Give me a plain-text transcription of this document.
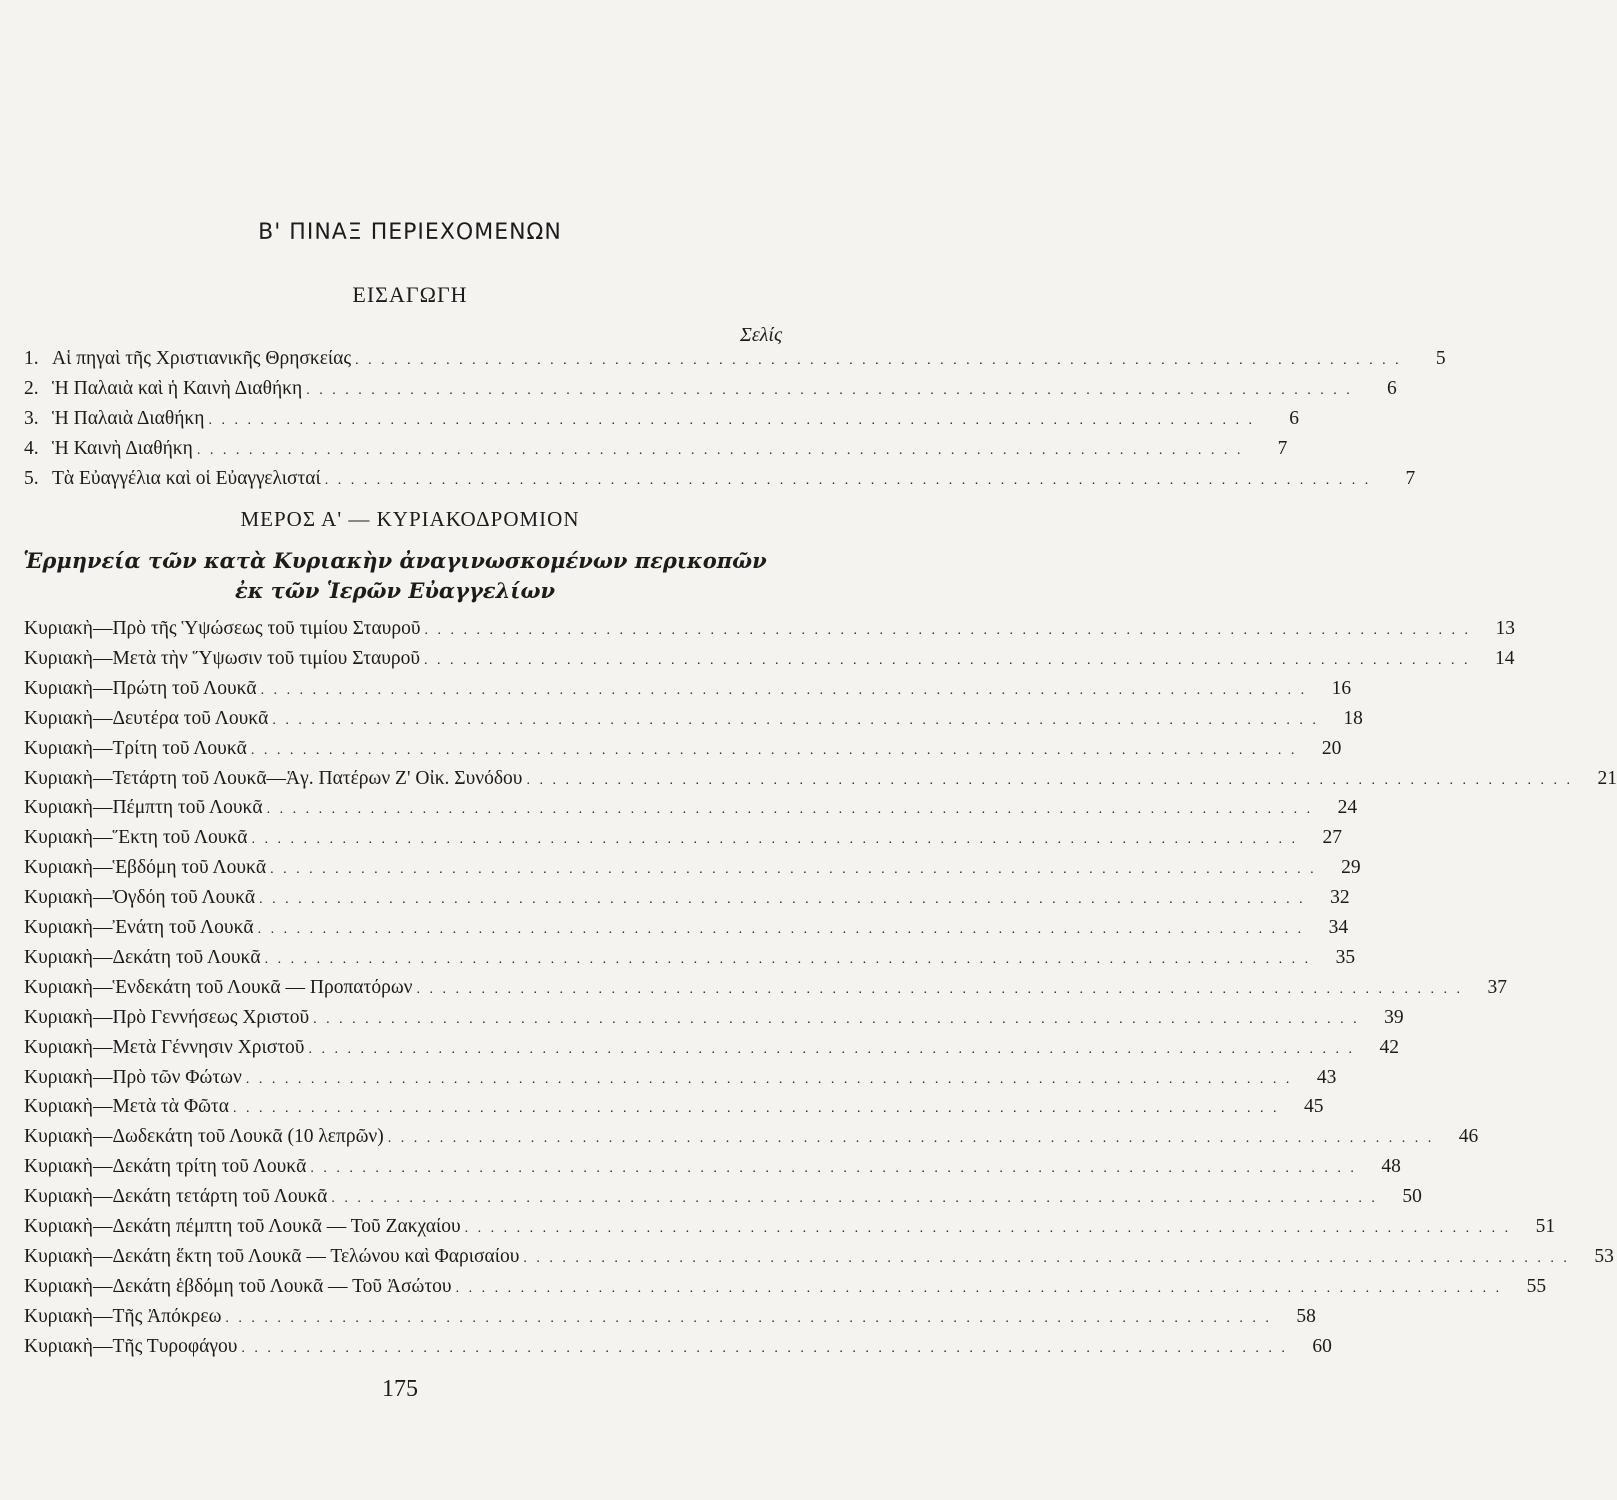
Β' ΠΙΝΑΞ ΠΕΡΙΕΧΟΜΕΝΩΝ
ΕΙΣΑΓΩΓΗ
Σελίς
1. Αἱ πηγαὶ τῆς Χριστιανικῆς Θρησκείας . . . . . . . . . . . . . . . . . . . . . . . . . . . . . . . . . . . . . . . . . . . . . . . . . . . . . . . . . . . . . . . . . . . . . . . . . . . . . . . . .	5
2. Ἡ Παλαιὰ καὶ ἡ Καινὴ Διαθήκη . . . . . . . . . . . . . . . . . . . . . . . . . . . . . . . . . . . . . . . . . . . . . . . . . . . . . . . . . . . . . . . . . . . . . . . . . . . . . . . . .	6
3. Ἡ Παλαιὰ Διαθήκη . . . . . . . . . . . . . . . . . . . . . . . . . . . . . . . . . . . . . . . . . . . . . . . . . . . . . . . . . . . . . . . . . . . . . . . . . . . . . . . . .	6
4. Ἡ Καινὴ Διαθήκη . . . . . . . . . . . . . . . . . . . . . . . . . . . . . . . . . . . . . . . . . . . . . . . . . . . . . . . . . . . . . . . . . . . . . . . . . . . . . . . . .	7
5. Τὰ Εὐαγγέλια καὶ οἱ Εὐαγγελισταί . . . . . . . . . . . . . . . . . . . . . . . . . . . . . . . . . . . . . . . . . . . . . . . . . . . . . . . . . . . . . . . . . . . . . . . . . . . . . . . . .	7
ΜΕΡΟΣ Α' — ΚΥΡΙΑΚΟΔΡΟΜΙΟΝ
Ἑρμηνεία τῶν κατὰ Κυριακὴν ἀναγινωσκομένων περικοπῶν
ἐκ τῶν Ἱερῶν Εὐαγγελίων
Κυριακὴ—Πρὸ τῆς Ὑψώσεως τοῦ τιμίου Σταυροῦ . . . . . . . . . . . . . . . . . . . . . . . . . . . . . . . . . . . . . . . . . . . . . . . . . . . . . . . . . . . . . . . . . . . . . . . . . . . . . . . . .	13
Κυριακὴ—Μετὰ τὴν Ὕψωσιν τοῦ τιμίου Σταυροῦ . . . . . . . . . . . . . . . . . . . . . . . . . . . . . . . . . . . . . . . . . . . . . . . . . . . . . . . . . . . . . . . . . . . . . . . . . . . . . . . . .	14
Κυριακὴ—Πρώτη τοῦ Λουκᾶ . . . . . . . . . . . . . . . . . . . . . . . . . . . . . . . . . . . . . . . . . . . . . . . . . . . . . . . . . . . . . . . . . . . . . . . . . . . . . . . . .	16
Κυριακὴ—Δευτέρα τοῦ Λουκᾶ . . . . . . . . . . . . . . . . . . . . . . . . . . . . . . . . . . . . . . . . . . . . . . . . . . . . . . . . . . . . . . . . . . . . . . . . . . . . . . . . .	18
Κυριακὴ—Τρίτη τοῦ Λουκᾶ . . . . . . . . . . . . . . . . . . . . . . . . . . . . . . . . . . . . . . . . . . . . . . . . . . . . . . . . . . . . . . . . . . . . . . . . . . . . . . . . .	20
Κυριακὴ—Τετάρτη τοῦ Λουκᾶ—Ἁγ. Πατέρων Ζ' Οἰκ. Συνόδου . . . . . . . . . . . . . . . . . . . . . . . . . . . . . . . . . . . . . . . . . . . . . . . . . . . . . . . . . . . . . . . . . . . . . . . . . . . . . . . . .	21
Κυριακὴ—Πέμπτη τοῦ Λουκᾶ . . . . . . . . . . . . . . . . . . . . . . . . . . . . . . . . . . . . . . . . . . . . . . . . . . . . . . . . . . . . . . . . . . . . . . . . . . . . . . . . .	24
Κυριακὴ—Ἕκτη τοῦ Λουκᾶ . . . . . . . . . . . . . . . . . . . . . . . . . . . . . . . . . . . . . . . . . . . . . . . . . . . . . . . . . . . . . . . . . . . . . . . . . . . . . . . . .	27
Κυριακὴ—Ἑβδόμη τοῦ Λουκᾶ . . . . . . . . . . . . . . . . . . . . . . . . . . . . . . . . . . . . . . . . . . . . . . . . . . . . . . . . . . . . . . . . . . . . . . . . . . . . . . . . .	29
Κυριακὴ—Ὀγδόη τοῦ Λουκᾶ . . . . . . . . . . . . . . . . . . . . . . . . . . . . . . . . . . . . . . . . . . . . . . . . . . . . . . . . . . . . . . . . . . . . . . . . . . . . . . . . .	32
Κυριακὴ—Ἐνάτη τοῦ Λουκᾶ . . . . . . . . . . . . . . . . . . . . . . . . . . . . . . . . . . . . . . . . . . . . . . . . . . . . . . . . . . . . . . . . . . . . . . . . . . . . . . . . .	34
Κυριακὴ—Δεκάτη τοῦ Λουκᾶ . . . . . . . . . . . . . . . . . . . . . . . . . . . . . . . . . . . . . . . . . . . . . . . . . . . . . . . . . . . . . . . . . . . . . . . . . . . . . . . . .	35
Κυριακὴ—Ἑνδεκάτη τοῦ Λουκᾶ — Προπατόρων . . . . . . . . . . . . . . . . . . . . . . . . . . . . . . . . . . . . . . . . . . . . . . . . . . . . . . . . . . . . . . . . . . . . . . . . . . . . . . . . .	37
Κυριακὴ—Πρὸ Γεννήσεως Χριστοῦ . . . . . . . . . . . . . . . . . . . . . . . . . . . . . . . . . . . . . . . . . . . . . . . . . . . . . . . . . . . . . . . . . . . . . . . . . . . . . . . . .	39
Κυριακὴ—Μετὰ Γέννησιν Χριστοῦ . . . . . . . . . . . . . . . . . . . . . . . . . . . . . . . . . . . . . . . . . . . . . . . . . . . . . . . . . . . . . . . . . . . . . . . . . . . . . . . . .	42
Κυριακὴ—Πρὸ τῶν Φώτων . . . . . . . . . . . . . . . . . . . . . . . . . . . . . . . . . . . . . . . . . . . . . . . . . . . . . . . . . . . . . . . . . . . . . . . . . . . . . . . . .	43
Κυριακὴ—Μετὰ τὰ Φῶτα . . . . . . . . . . . . . . . . . . . . . . . . . . . . . . . . . . . . . . . . . . . . . . . . . . . . . . . . . . . . . . . . . . . . . . . . . . . . . . . . .	45
Κυριακὴ—Δωδεκάτη τοῦ Λουκᾶ (10 λεπρῶν) . . . . . . . . . . . . . . . . . . . . . . . . . . . . . . . . . . . . . . . . . . . . . . . . . . . . . . . . . . . . . . . . . . . . . . . . . . . . . . . . .	46
Κυριακὴ—Δεκάτη τρίτη τοῦ Λουκᾶ . . . . . . . . . . . . . . . . . . . . . . . . . . . . . . . . . . . . . . . . . . . . . . . . . . . . . . . . . . . . . . . . . . . . . . . . . . . . . . . . .	48
Κυριακὴ—Δεκάτη τετάρτη τοῦ Λουκᾶ . . . . . . . . . . . . . . . . . . . . . . . . . . . . . . . . . . . . . . . . . . . . . . . . . . . . . . . . . . . . . . . . . . . . . . . . . . . . . . . . .	50
Κυριακὴ—Δεκάτη πέμπτη τοῦ Λουκᾶ — Τοῦ Ζακχαίου . . . . . . . . . . . . . . . . . . . . . . . . . . . . . . . . . . . . . . . . . . . . . . . . . . . . . . . . . . . . . . . . . . . . . . . . . . . . . . . . .	51
Κυριακὴ—Δεκάτη ἕκτη τοῦ Λουκᾶ — Τελώνου καὶ Φαρισαίου . . . . . . . . . . . . . . . . . . . . . . . . . . . . . . . . . . . . . . . . . . . . . . . . . . . . . . . . . . . . . . . . . . . . . . . . . . . . . . . . .	53
Κυριακὴ—Δεκάτη ἑβδόμη τοῦ Λουκᾶ — Τοῦ Ἀσώτου . . . . . . . . . . . . . . . . . . . . . . . . . . . . . . . . . . . . . . . . . . . . . . . . . . . . . . . . . . . . . . . . . . . . . . . . . . . . . . . . .	55
Κυριακὴ—Τῆς Ἀπόκρεω . . . . . . . . . . . . . . . . . . . . . . . . . . . . . . . . . . . . . . . . . . . . . . . . . . . . . . . . . . . . . . . . . . . . . . . . . . . . . . . . .	58
Κυριακὴ—Τῆς Τυροφάγου . . . . . . . . . . . . . . . . . . . . . . . . . . . . . . . . . . . . . . . . . . . . . . . . . . . . . . . . . . . . . . . . . . . . . . . . . . . . . . . . .	60
175
